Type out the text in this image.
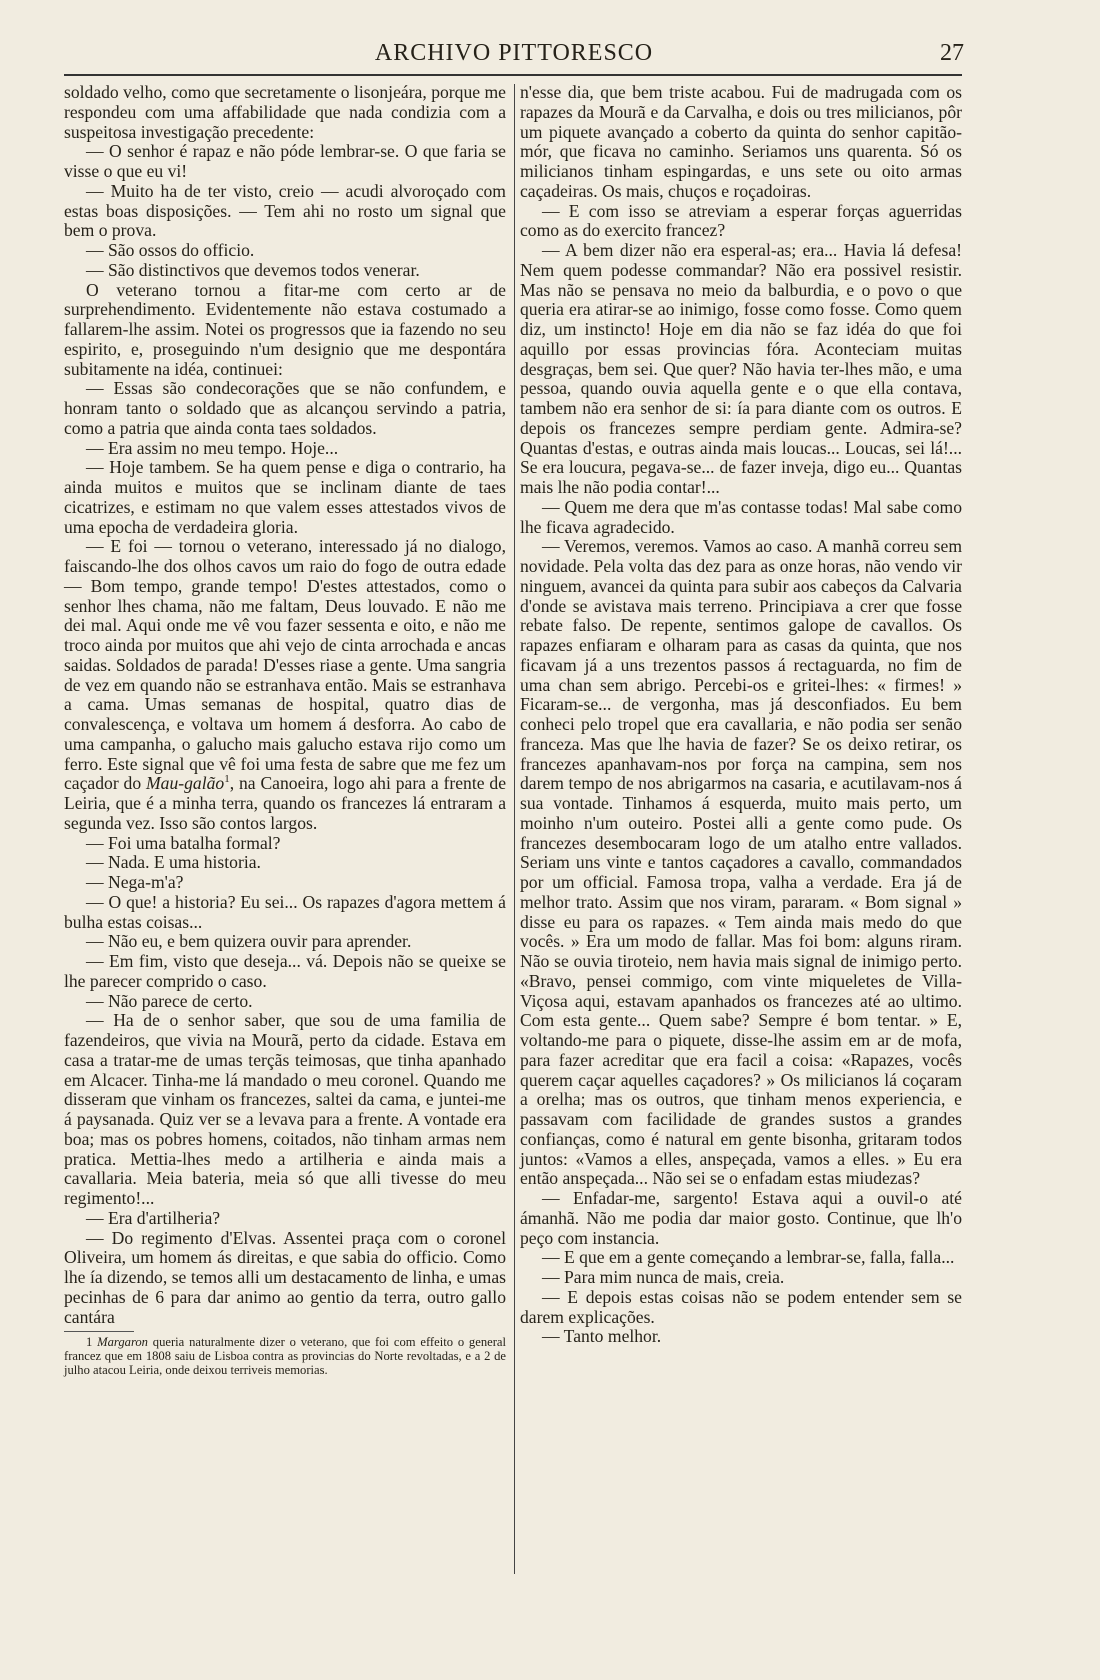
ARCHIVO PITTORESCO	27

soldado velho, como que secretamente o lisonjeára, porque me respondeu com uma affabilidade que nada condizia com a suspeitosa investigação precedente:

— O senhor é rapaz e não póde lembrar-se. O que faria se visse o que eu vi!

— Muito ha de ter visto, creio — acudi alvoroçado com estas boas disposições. — Tem ahi no rosto um signal que bem o prova.

— São ossos do officio.

— São distinctivos que devemos todos venerar.

O veterano tornou a fitar-me com certo ar de surprehendimento. Evidentemente não estava costumado a fallarem-lhe assim. Notei os progressos que ia fazendo no seu espirito, e, proseguindo n'um designio que me despontára subitamente na idéa, continuei:

— Essas são condecorações que se não confundem, e honram tanto o soldado que as alcançou servindo a patria, como a patria que ainda conta taes soldados.

— Era assim no meu tempo. Hoje...

— Hoje tambem. Se ha quem pense e diga o contrario, ha ainda muitos e muitos que se inclinam diante de taes cicatrizes, e estimam no que valem esses attestados vivos de uma epocha de verdadeira gloria.

— E foi — tornou o veterano, interessado já no dialogo, faiscando-lhe dos olhos cavos um raio do fogo de outra edade — Bom tempo, grande tempo! D'estes attestados, como o senhor lhes chama, não me faltam, Deus louvado. E não me dei mal. Aqui onde me vê vou fazer sessenta e oito, e não me troco ainda por muitos que ahi vejo de cinta arrochada e ancas saidas. Soldados de parada! D'esses riase a gente. Uma sangria de vez em quando não se estranhava então. Mais se estranhava a cama. Umas semanas de hospital, quatro dias de convalescença, e voltava um homem á desforra. Ao cabo de uma campanha, o galucho mais galucho estava rijo como um ferro. Este signal que vê foi uma festa de sabre que me fez um caçador do Mau-galão$^1$, na Canoeira, logo ahi para a frente de Leiria, que é a minha terra, quando os francezes lá entraram a segunda vez. Isso são contos largos.

— Foi uma batalha formal?

— Nada. E uma historia.

— Nega-m'a?

— O que! a historia? Eu sei... Os rapazes d'agora mettem á bulha estas coisas...

— Não eu, e bem quizera ouvir para aprender.

— Em fim, visto que deseja... vá. Depois não se queixe se lhe parecer comprido o caso.

— Não parece de certo.

— Ha de o senhor saber, que sou de uma familia de fazendeiros, que vivia na Mourã, perto da cidade. Estava em casa a tratar-me de umas terçãs teimosas, que tinha apanhado em Alcacer. Tinha-me lá mandado o meu coronel. Quando me disseram que vinham os francezes, saltei da cama, e juntei-me á paysanada. Quiz ver se a levava para a frente. A vontade era boa; mas os pobres homens, coitados, não tinham armas nem pratica. Mettia-lhes medo a artilheria e ainda mais a cavallaria. Meia bateria, meia só que alli tivesse do meu regimento!...

— Era d'artilheria?

— Do regimento d'Elvas. Assentei praça com o coronel Oliveira, um homem ás direitas, e que sabia do officio. Como lhe ía dizendo, se temos alli um destacamento de linha, e umas pecinhas de 6 para dar animo ao gentio da terra, outro gallo cantára

1 Margaron queria naturalmente dizer o veterano, que foi com effeito o general francez que em 1808 saiu de Lisboa contra as provincias do Norte revoltadas, e a 2 de julho atacou Leiria, onde deixou terriveis memorias.

n'esse dia, que bem triste acabou. Fui de madrugada com os rapazes da Mourã e da Carvalha, e dois ou tres milicianos, pôr um piquete avançado a coberto da quinta do senhor capitão-mór, que ficava no caminho. Seriamos uns quarenta. Só os milicianos tinham espingardas, e uns sete ou oito armas caçadeiras. Os mais, chuços e roçadoiras.

— E com isso se atreviam a esperar forças aguerridas como as do exercito francez?

— A bem dizer não era esperal-as; era... Havia lá defesa! Nem quem podesse commandar? Não era possivel resistir. Mas não se pensava no meio da balburdia, e o povo o que queria era atirar-se ao inimigo, fosse como fosse. Como quem diz, um instincto! Hoje em dia não se faz idéa do que foi aquillo por essas provincias fóra. Aconteciam muitas desgraças, bem sei. Que quer? Não havia ter-lhes mão, e uma pessoa, quando ouvia aquella gente e o que ella contava, tambem não era senhor de si: ía para diante com os outros. E depois os francezes sempre perdiam gente. Admira-se? Quantas d'estas, e outras ainda mais loucas... Loucas, sei lá!... Se era loucura, pegava-se... de fazer inveja, digo eu... Quantas mais lhe não podia contar!...

— Quem me dera que m'as contasse todas! Mal sabe como lhe ficava agradecido.

— Veremos, veremos. Vamos ao caso. A manhã correu sem novidade. Pela volta das dez para as onze horas, não vendo vir ninguem, avancei da quinta para subir aos cabeços da Calvaria d'onde se avistava mais terreno. Principiava a crer que fosse rebate falso. De repente, sentimos galope de cavallos. Os rapazes enfiaram e olharam para as casas da quinta, que nos ficavam já a uns trezentos passos á rectaguarda, no fim de uma chan sem abrigo. Percebi-os e gritei-lhes: « firmes! » Ficaram-se... de vergonha, mas já desconfiados. Eu bem conheci pelo tropel que era cavallaria, e não podia ser senão franceza. Mas que lhe havia de fazer? Se os deixo retirar, os francezes apanhavam-nos por força na campina, sem nos darem tempo de nos abrigarmos na casaria, e acutilavam-nos á sua vontade. Tinhamos á esquerda, muito mais perto, um moinho n'um outeiro. Postei alli a gente como pude. Os francezes desembocaram logo de um atalho entre vallados. Seriam uns vinte e tantos caçadores a cavallo, commandados por um official. Famosa tropa, valha a verdade. Era já de melhor trato. Assim que nos viram, pararam. « Bom signal » disse eu para os rapazes. « Tem ainda mais medo do que vocês. » Era um modo de fallar. Mas foi bom: alguns riram. Não se ouvia tiroteio, nem havia mais signal de inimigo perto. «Bravo, pensei commigo, com vinte miqueletes de Villa-Viçosa aqui, estavam apanhados os francezes até ao ultimo. Com esta gente... Quem sabe? Sempre é bom tentar. » E, voltando-me para o piquete, disse-lhe assim em ar de mofa, para fazer acreditar que era facil a coisa: «Rapazes, vocês querem caçar aquelles caçadores? » Os milicianos lá coçaram a orelha; mas os outros, que tinham menos experiencia, e passavam com facilidade de grandes sustos a grandes confianças, como é natural em gente bisonha, gritaram todos juntos: «Vamos a elles, anspeçada, vamos a elles. » Eu era então anspeçada... Não sei se o enfadam estas miudezas?

— Enfadar-me, sargento! Estava aqui a ouvil-o até ámanhã. Não me podia dar maior gosto. Continue, que lh'o peço com instancia.

— E que em a gente começando a lembrar-se, falla, falla...

— Para mim nunca de mais, creia.

— E depois estas coisas não se podem entender sem se darem explicações.

— Tanto melhor.
